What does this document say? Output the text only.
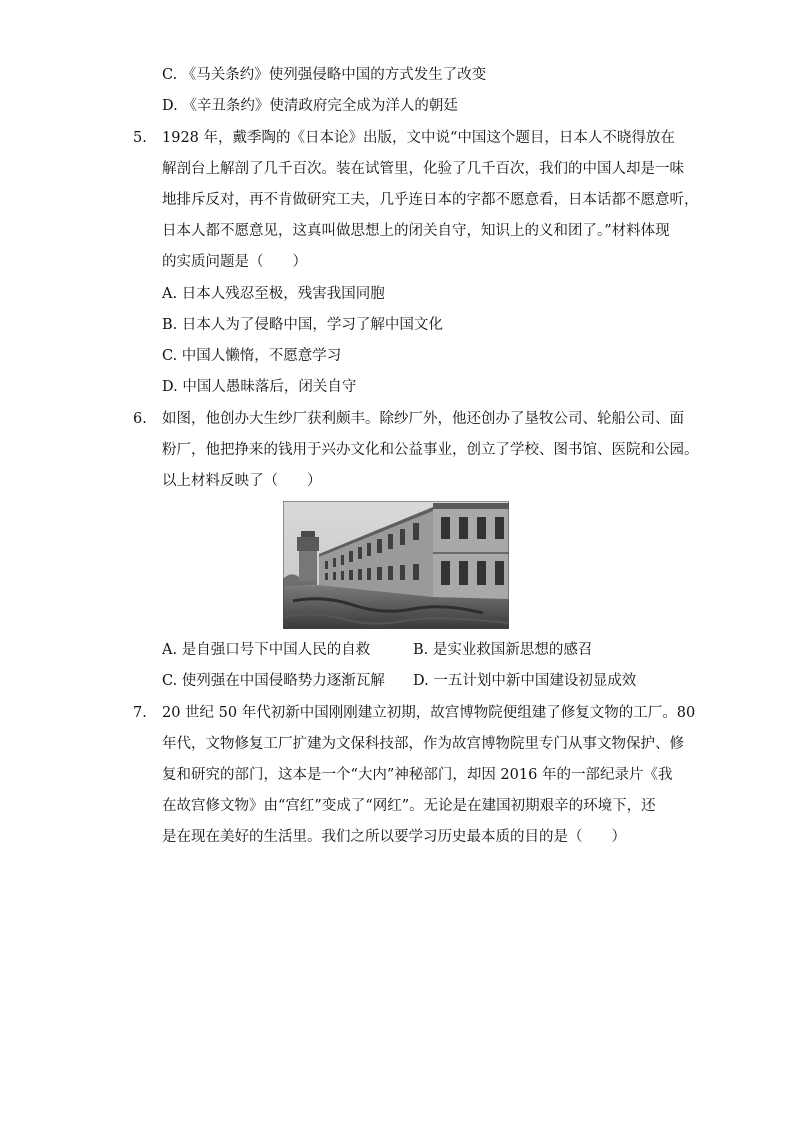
C. 《马关条约》使列强侵略中国的方式发生了改变
D. 《辛丑条约》使清政府完全成为洋人的朝廷
5. 1928 年，戴季陶的《日本论》出版，文中说“中国这个题目，日本人不晓得放在
解剖台上解剖了几千百次。装在试管里，化验了几千百次，我们的中国人却是一味
地排斥反对，再不肯做研究工夫，几乎连日本的字都不愿意看，日本话都不愿意听，
日本人都不愿意见，这真叫做思想上的闭关自守，知识上的义和团了。”材料体现
的实质问题是（　　）
A. 日本人残忍至极，残害我国同胞
B. 日本人为了侵略中国，学习了解中国文化
C. 中国人懒惰，不愿意学习
D. 中国人愚昧落后，闭关自守
6. 如图，他创办大生纱厂获利颇丰。除纱厂外，他还创办了垦牧公司、轮船公司、面
粉厂，他把挣来的钱用于兴办文化和公益事业，创立了学校、图书馆、医院和公园。
以上材料反映了（　　）
A. 是自强口号下中国人民的自救	B. 是实业救国新思想的感召
C. 使列强在中国侵略势力逐渐瓦解 D. 一五计划中新中国建设初显成效
7. 20 世纪 50 年代初新中国刚刚建立初期，故宫博物院便组建了修复文物的工厂。80
年代，文物修复工厂扩建为文保科技部，作为故宫博物院里专门从事文物保护、修
复和研究的部门，这本是一个“大内”神秘部门，却因 2016 年的一部纪录片《我
在故宫修文物》由“宫红”变成了“网红”。无论是在建国初期艰辛的环境下，还
是在现在美好的生活里。我们之所以要学习历史最本质的目的是（　　）
